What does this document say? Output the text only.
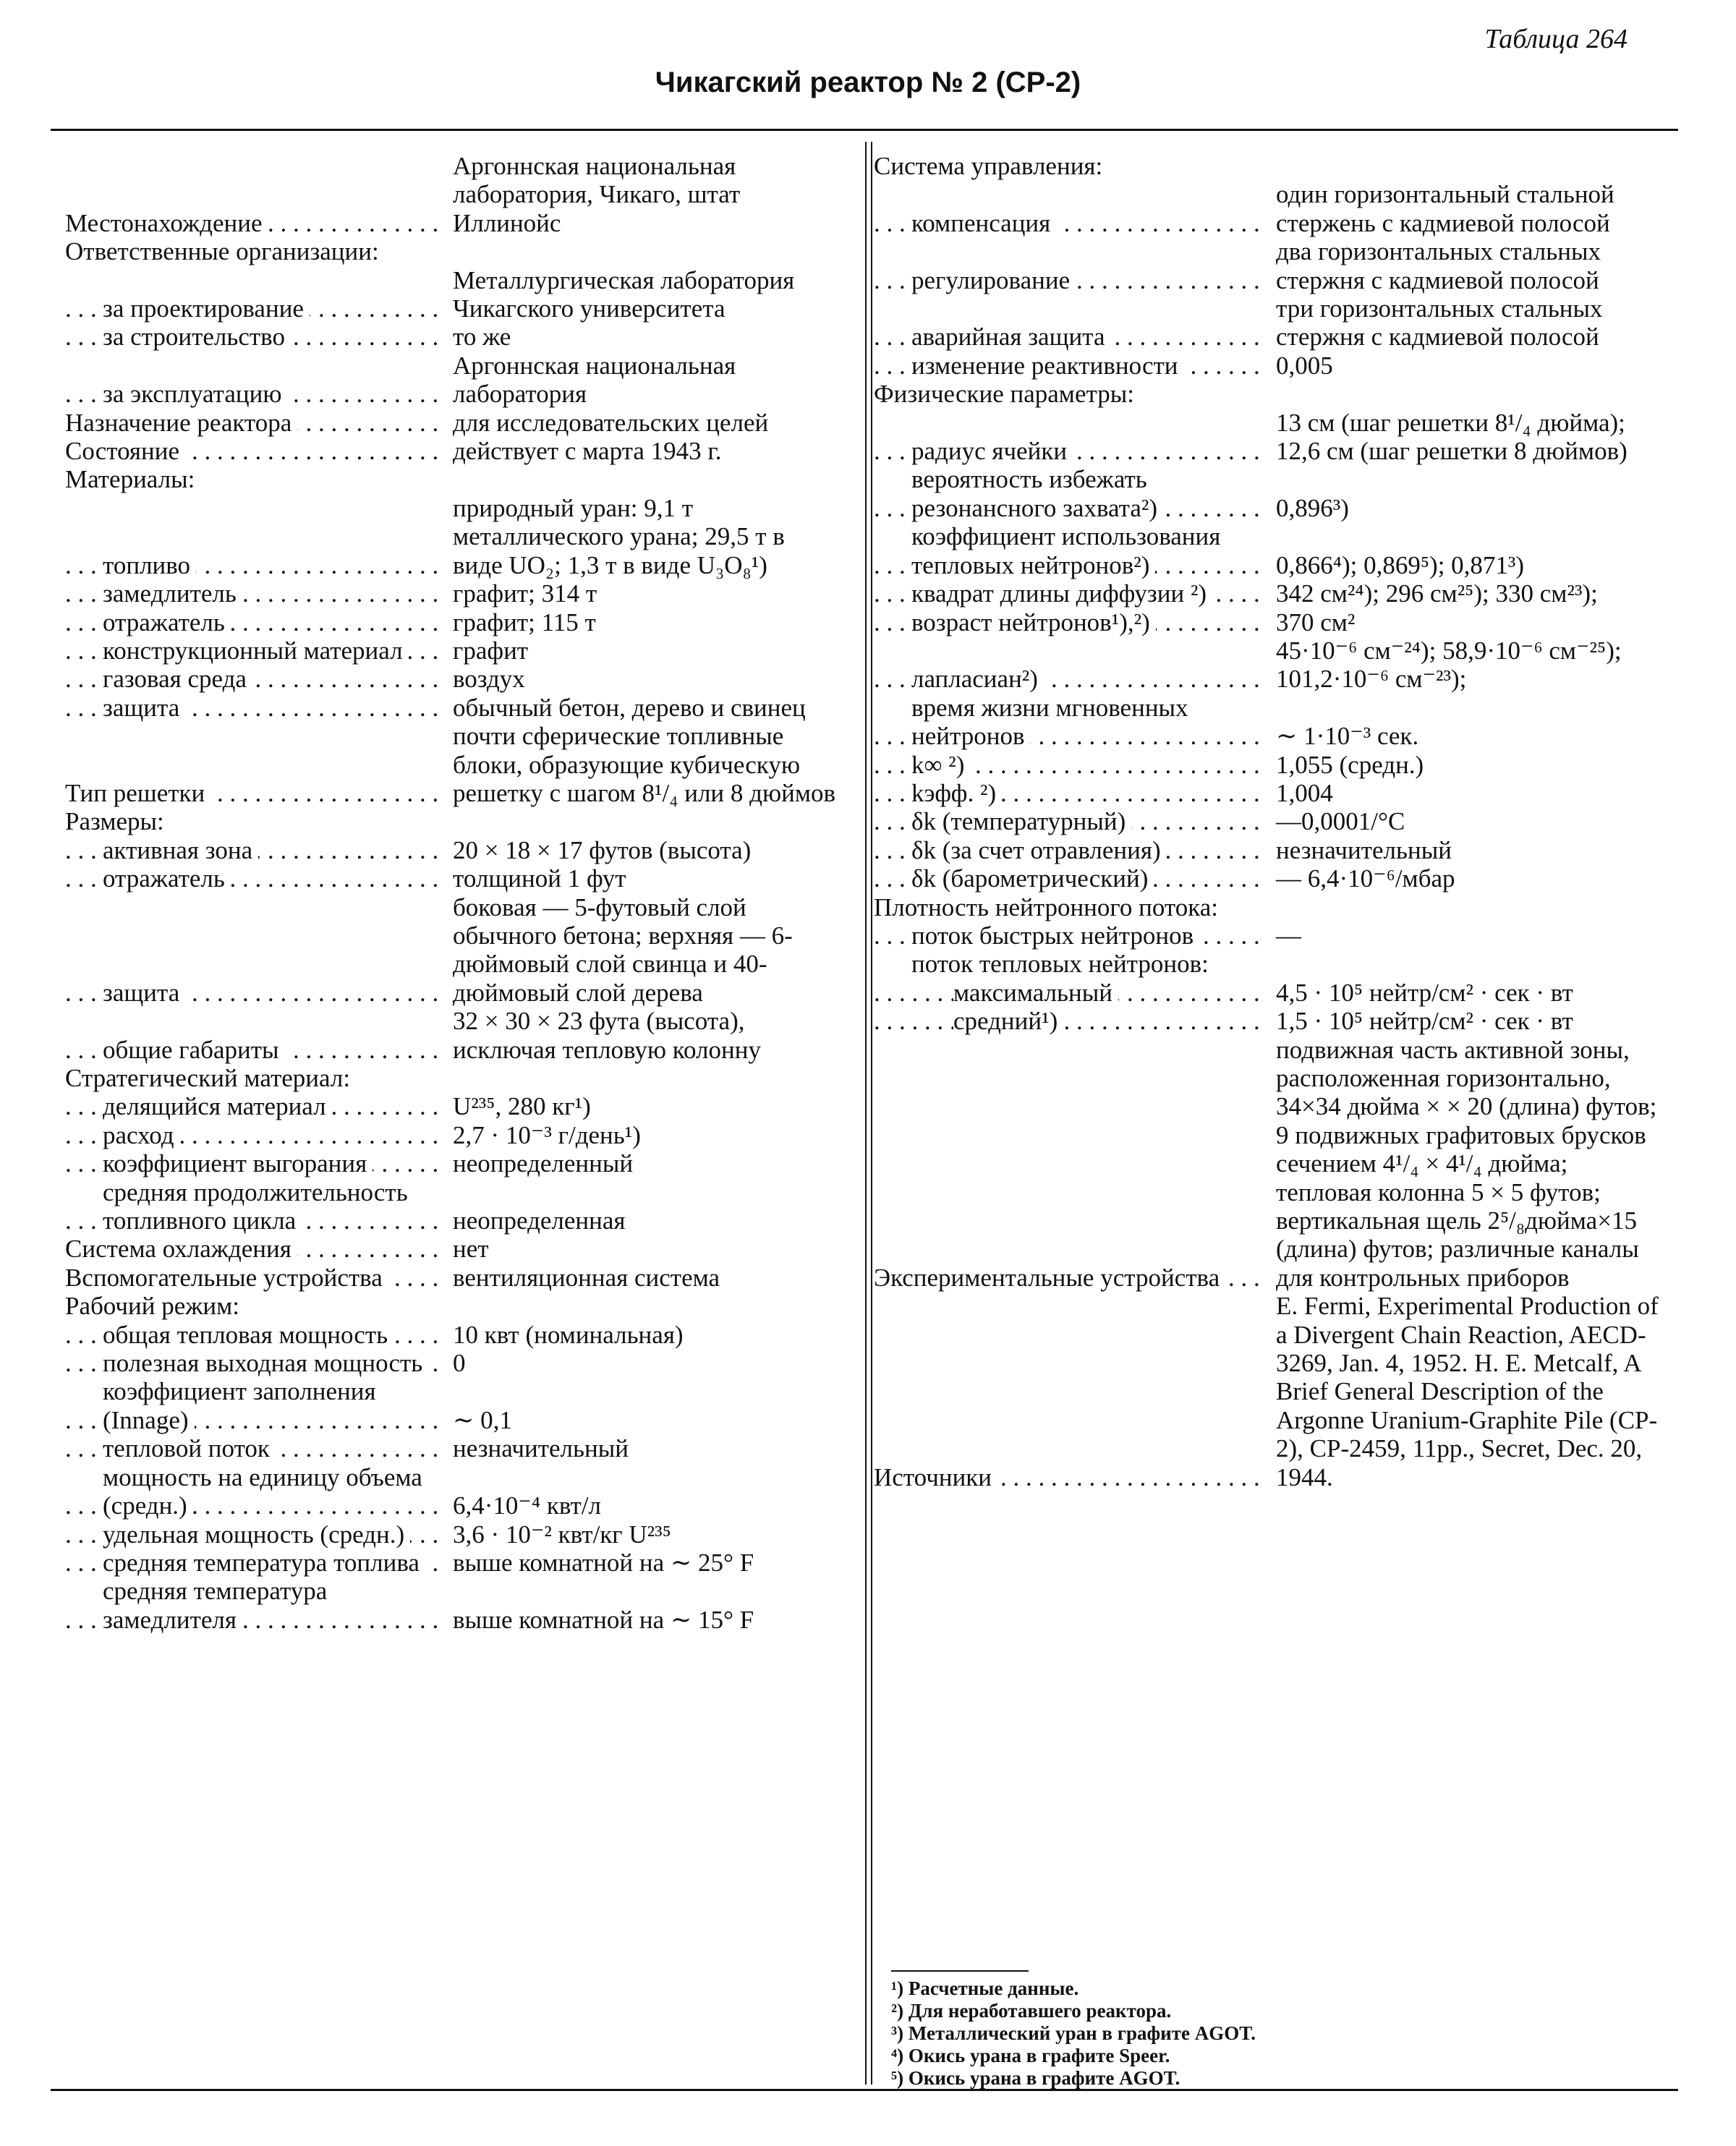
Таблица 264
Чикагский реактор № 2 (CP-2)
Местонахождение . . .
Аргоннская национальная лаборатория, Чикаго, штат Иллинойс
Ответственные организации:
за проектирование . . .
Металлургическая лаборатория Чикагского университета
за строительство . . .	то же
за эксплуатацию . . .
Аргоннская национальная лаборатория
Назначение реактора . . .	для исследовательских целей
Состояние . . .	действует с марта 1943 г.
Материалы:
топливо . . .
природный уран: 9,1 т металлического урана; 29,5 т в виде UO₂; 1,3 т в виде U₃O₈¹)
замедлитель . . .	графит; 314 т
отражатель . . .	графит; 115 т
конструкционный материал . . .	графит
газовая среда . . .	воздух
защита . . .	обычный бетон, дерево и свинец
Тип решетки . . .
почти сферические топливные блоки, образующие кубическую решетку с шагом 8¹/₄ или 8 дюймов
Размеры:
активная зона . . .	20 × 18 × 17 футов (высота)
отражатель . . .	толщиной 1 фут
защита . . .
боковая — 5-футовый слой обычного бетона; верхняя — 6-дюймовый слой свинца и 40-дюймовый слой дерева
общие габариты . . .
32 × 30 × 23 фута (высота), исключая тепловую колонну
Стратегический материал:
делящийся материал . . .	U²³⁵, 280 кг¹)
расход . . .	2,7 · 10⁻³ г/день¹)
коэффициент выгорания . . .	неопределенный
средняя продолжительность топливного цикла . . .	неопределенная
Система охлаждения . . .	нет
Вспомогательные устройства . . .	вентиляционная система
Рабочий режим:
общая тепловая мощность . . .	10 квт (номинальная)
полезная выходная мощность . . .	0
коэффициент заполнения (Innage) . . .	∼ 0,1
тепловой поток . . .	незначительный
мощность на единицу объема (средн.) . . .	6,4·10⁻⁴ квт/л
удельная мощность (средн.) . . .	3,6 · 10⁻² квт/кг U²³⁵
средняя температура топлива . . .	выше комнатной на ∼ 25° F
средняя температура замедлителя . . .	выше комнатной на ∼ 15° F
Система управления:
компенсация . . .
один горизонтальный стальной стержень с кадмиевой полосой
регулирование . . .
два горизонтальных стальных стержня с кадмиевой полосой
аварийная защита . . .
три горизонтальных стальных стержня с кадмиевой полосой
изменение реактивности . . .	0,005
Физические параметры:
радиус ячейки . . .
13 см (шаг решетки 8¹/₄ дюйма); 12,6 см (шаг решетки 8 дюймов)
вероятность избежать резонансного захвата²) . . .	0,896³)
коэффициент использования тепловых нейтронов²) . . .	0,866⁴); 0,869⁵); 0,871³)
квадрат длины диффузии ²) . . .	342 см²⁴); 296 см²⁵); 330 см²³);
возраст нейтронов¹),²) . . .	370 см²
лапласиан²) . . .
45·10⁻⁶ см⁻²⁴); 58,9·10⁻⁶ см⁻²⁵); 101,2·10⁻⁶ см⁻²³);
время жизни мгновенных нейтронов . . .	∼ 1·10⁻³ сек.
k∞ ²) . . .	1,055 (средн.)
kэфф. ²) . . .	1,004
δk (температурный) . . .	—0,0001/°C
δk (за счет отравления) . . .	незначительный
δk (барометрический) . . .	— 6,4·10⁻⁶/мбар
Плотность нейтронного потока:
поток быстрых нейтронов . . .	—
поток тепловых нейтронов:
максимальный . . .	4,5 · 10⁵ нейтр/см² · сек · вт
средний¹) . . .	1,5 · 10⁵ нейтр/см² · сек · вт
Экспериментальные устройства . . .
подвижная часть активной зоны, расположенная горизонтально, 34×34 дюйма × × 20 (длина) футов; 9 подвижных графитовых брусков сечением 4¹/₄ × 4¹/₄ дюйма; тепловая колонна 5 × 5 футов; вертикальная щель 2⁵/₈дюйма×15 (длина) футов; различные каналы для контрольных приборов
Источники . . .
E. Fermi, Experimental Production of a Divergent Chain Reaction, AECD-3269, Jan. 4, 1952. H. E. Metcalf, A Brief General Description of the Argonne Uranium-Graphite Pile (CP-2), CP-2459, 11pp., Secret, Dec. 20, 1944.
¹) Расчетные данные.
²) Для неработавшего реактора.
³) Металлический уран в графите AGOT.
⁴) Окись урана в графите Speer.
⁵) Окись урана в графите AGOT.
